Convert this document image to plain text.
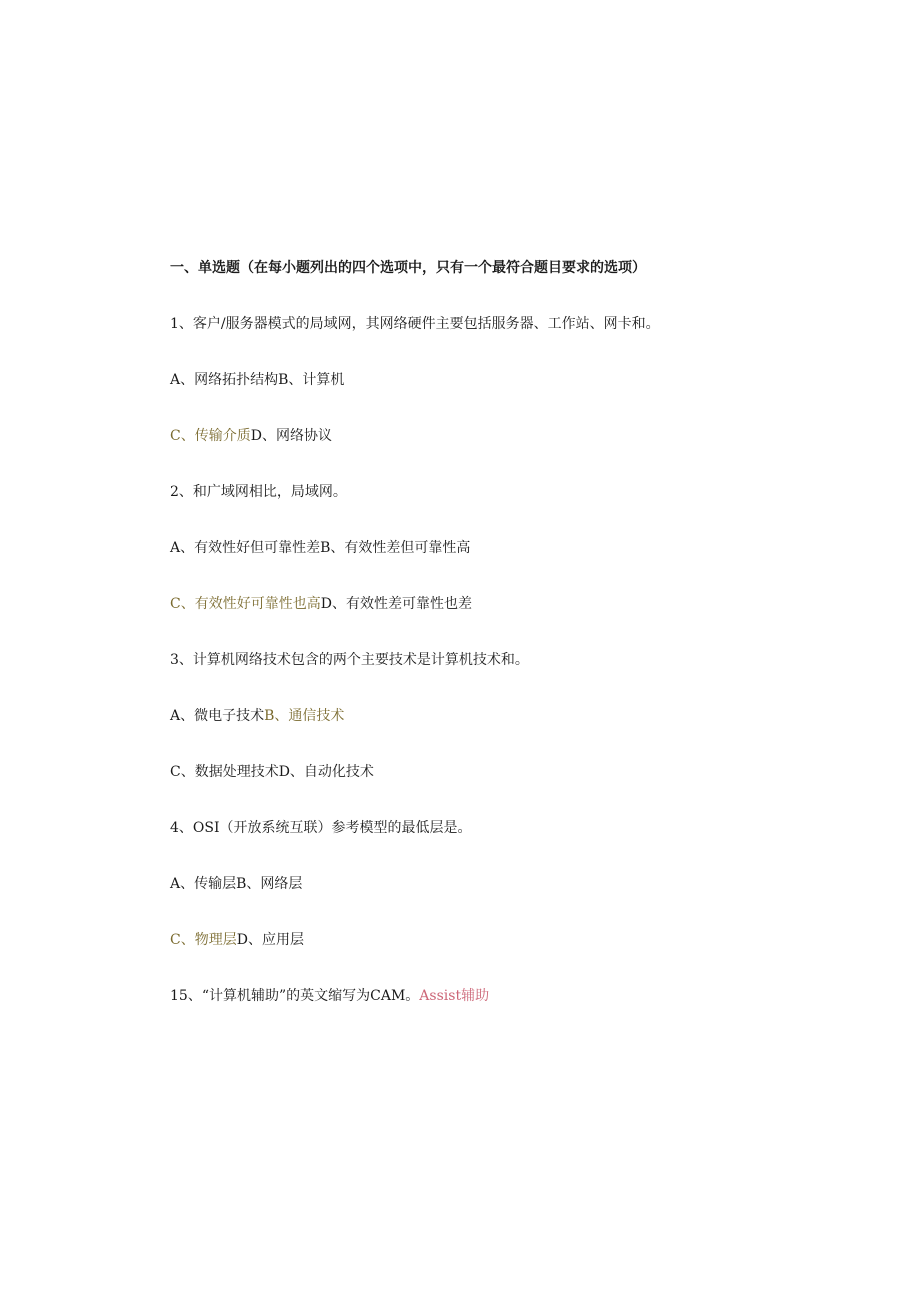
一、单选题（在每小题列出的四个选项中，只有一个最符合题目要求的选项）
1、客户/服务器模式的局域网，其网络硬件主要包括服务器、工作站、网卡和。
A、网络拓扑结构B、计算机
C、传输介质D、网络协议
2、和广域网相比，局域网。
A、有效性好但可靠性差B、有效性差但可靠性高
C、有效性好可靠性也高D、有效性差可靠性也差
3、计算机网络技术包含的两个主要技术是计算机技术和。
A、微电子技术B、通信技术
C、数据处理技术D、自动化技术
4、OSI（开放系统互联）参考模型的最低层是。
A、传输层B、网络层
C、物理层D、应用层
15、“计算机辅助”的英文缩写为CAM。Assist辅助
